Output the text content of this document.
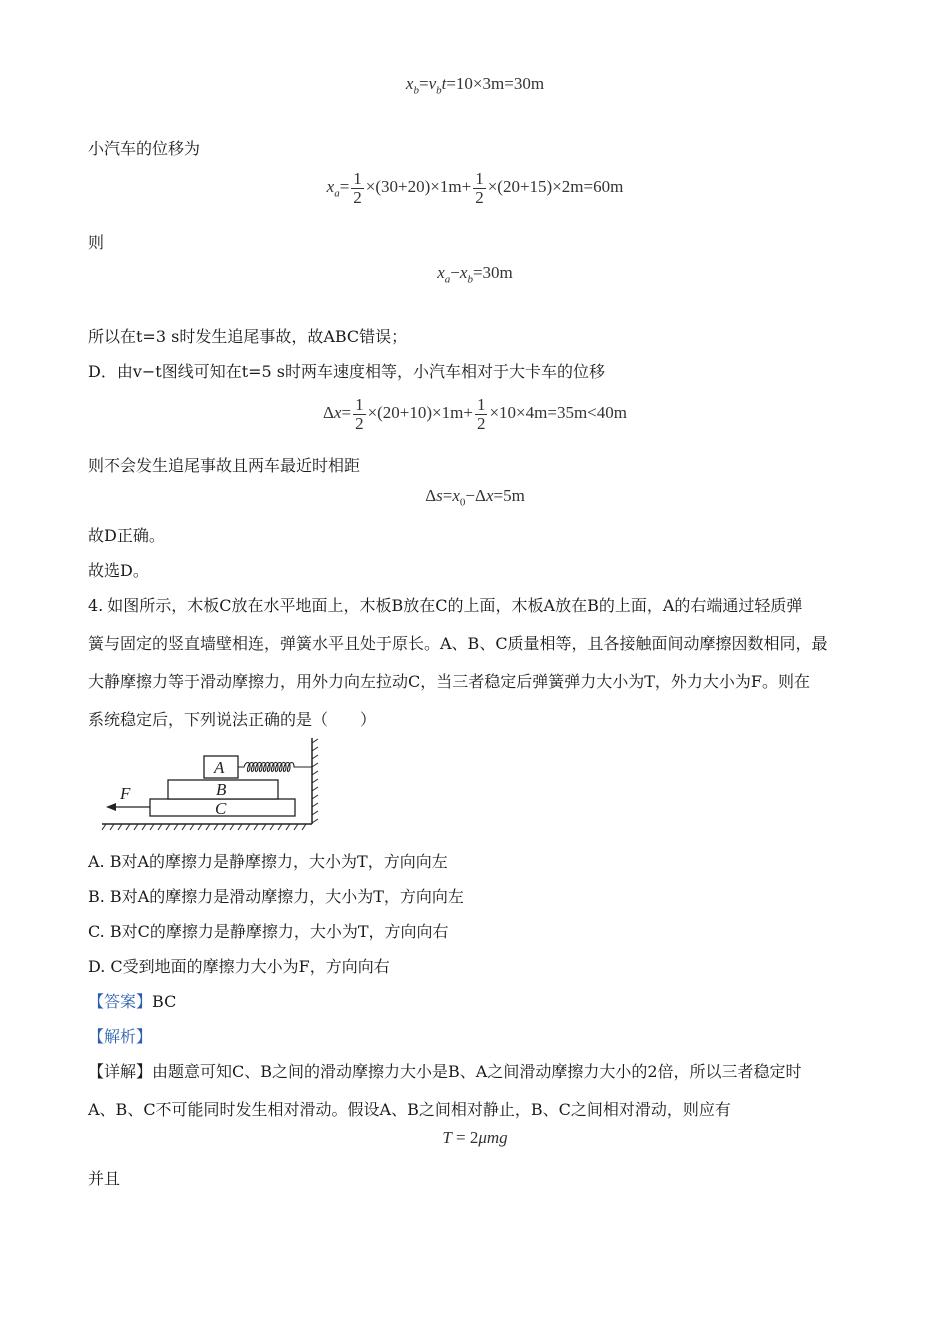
$x_b=v_bt=10\times 3m=30m$
小汽车的位移为
$x_a= \frac{1}{2} \times(30+20)\times 1m+ \frac{1}{2} \times(20+15)\times 2m=60m$
则
$x_a-x_b=30m$
所以在t=3 s时发生追尾事故，故ABC错误；
D．由v−t图线可知在t=5 s时两车速度相等，小汽车相对于大卡车的位移
$\Delta x= \frac{1}{2} \times(20+10)\times 1m+ \frac{1}{2} \times 10\times 4m=35m<40m$
则不会发生追尾事故且两车最近时相距
$\Delta s=x_0-\Delta x=5m$
故D正确。
故选D。
4. 如图所示，木板C放在水平地面上，木板B放在C的上面，木板A放在B的上面，A的右端通过轻质弹
簧与固定的竖直墙壁相连，弹簧水平且处于原长。A、B、C质量相等，且各接触面间动摩擦因数相同，最
大静摩擦力等于滑动摩擦力，用外力向左拉动C，当三者稳定后弹簧弹力大小为T，外力大小为F。则在
系统稳定后，下列说法正确的是（　　）
A
B
C
F
A. B对A的摩擦力是静摩擦力，大小为T，方向向左
B. B对A的摩擦力是滑动摩擦力，大小为T，方向向左
C. B对C的摩擦力是静摩擦力，大小为T，方向向右
D. C受到地面的摩擦力大小为F，方向向右
【答案】BC
【解析】
【详解】由题意可知C、B之间的滑动摩擦力大小是B、A之间滑动摩擦力大小的2倍，所以三者稳定时
A、B、C不可能同时发生相对滑动。假设A、B之间相对静止，B、C之间相对滑动，则应有
T = 2μmg
并且
